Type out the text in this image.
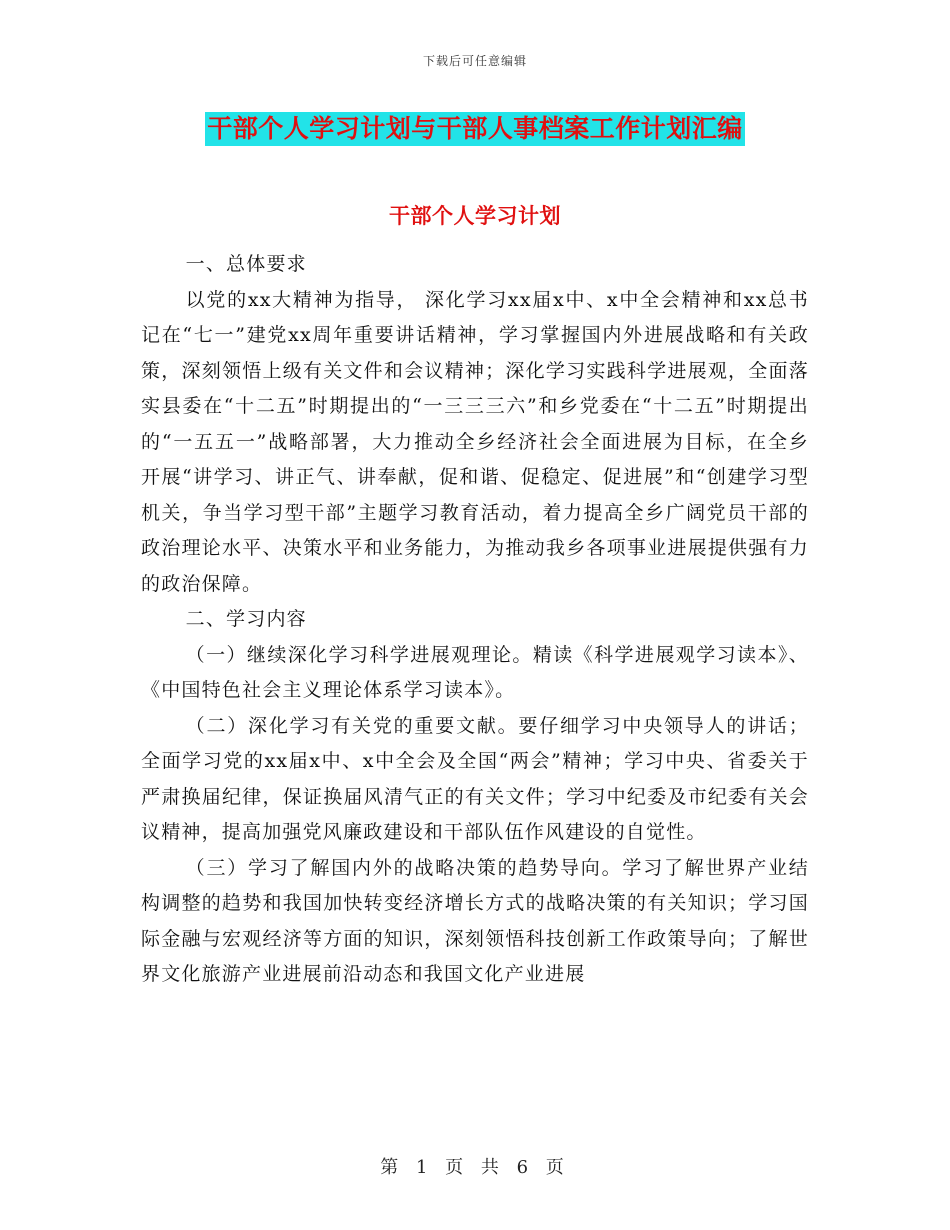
下载后可任意编辑
干部个人学习计划与干部人事档案工作计划汇编
干部个人学习计划

一、总体要求

以党的xx大精神为指导， 深化学习xx届x中、x中全会精神和xx总书记在“七一”建党xx周年重要讲话精神，学习掌握国内外进展战略和有关政策，深刻领悟上级有关文件和会议精神；深化学习实践科学进展观，全面落实县委在“十二五”时期提出的“一三三三六”和乡党委在“十二五”时期提出的“一五五一”战略部署，大力推动全乡经济社会全面进展为目标，在全乡开展“讲学习、讲正气、讲奉献，促和谐、促稳定、促进展”和“创建学习型机关，争当学习型干部”主题学习教育活动，着力提高全乡广阔党员干部的政治理论水平、决策水平和业务能力，为推动我乡各项事业进展提供强有力的政治保障。

二、学习内容

（一）继续深化学习科学进展观理论。精读《科学进展观学习读本》、《中国特色社会主义理论体系学习读本》。

（二）深化学习有关党的重要文献。要仔细学习中央领导人的讲话；全面学习党的xx届x中、x中全会及全国“两会”精神；学习中央、省委关于严肃换届纪律，保证换届风清气正的有关文件；学习中纪委及市纪委有关会议精神，提高加强党风廉政建设和干部队伍作风建设的自觉性。

（三）学习了解国内外的战略决策的趋势导向。学习了解世界产业结构调整的趋势和我国加快转变经济增长方式的战略决策的有关知识；学习国际金融与宏观经济等方面的知识，深刻领悟科技创新工作政策导向；了解世界文化旅游产业进展前沿动态和我国文化产业进展

第 1 页 共 6 页
